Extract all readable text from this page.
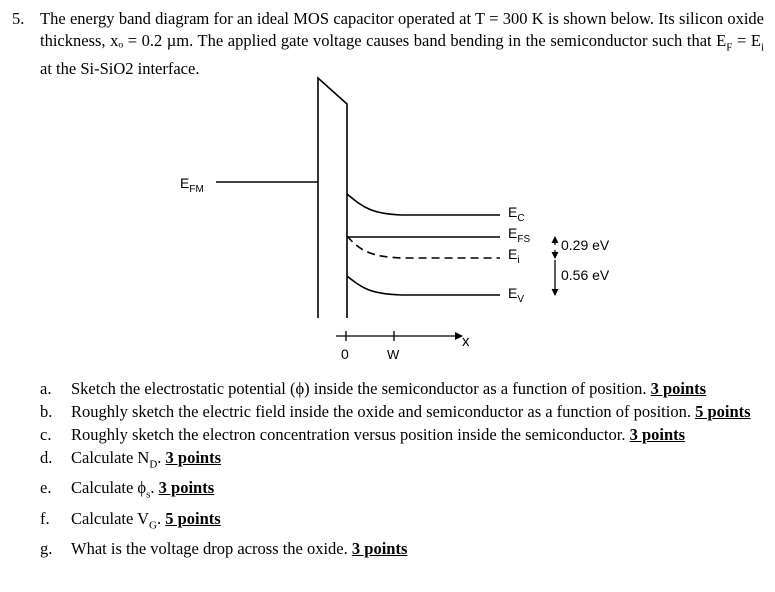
5. The energy band diagram for an ideal MOS capacitor operated at T = 300 K is shown below. Its silicon oxide thickness, xₒ = 0.2 µm. The applied gate voltage causes band bending in the semiconductor such that $E_F = E_i$ at the Si-SiO2 interface.
$E_{FM}$
$E_C$
$E_{FS}$
$E_i$
$E_V$
0.29 eV
0.56 eV
0	W
x
a. Sketch the electrostatic potential (ϕ) inside the semiconductor as a function of position. 3 points
b. Roughly sketch the electric field inside the oxide and semiconductor as a function of position. 5 points
c. Roughly sketch the electron concentration versus position inside the semiconductor. 3 points
d. Calculate $N_D$. 3 points
e. Calculate $\phi_s$. 3 points
f. Calculate $V_G$. 5 points
g. What is the voltage drop across the oxide. 3 points
